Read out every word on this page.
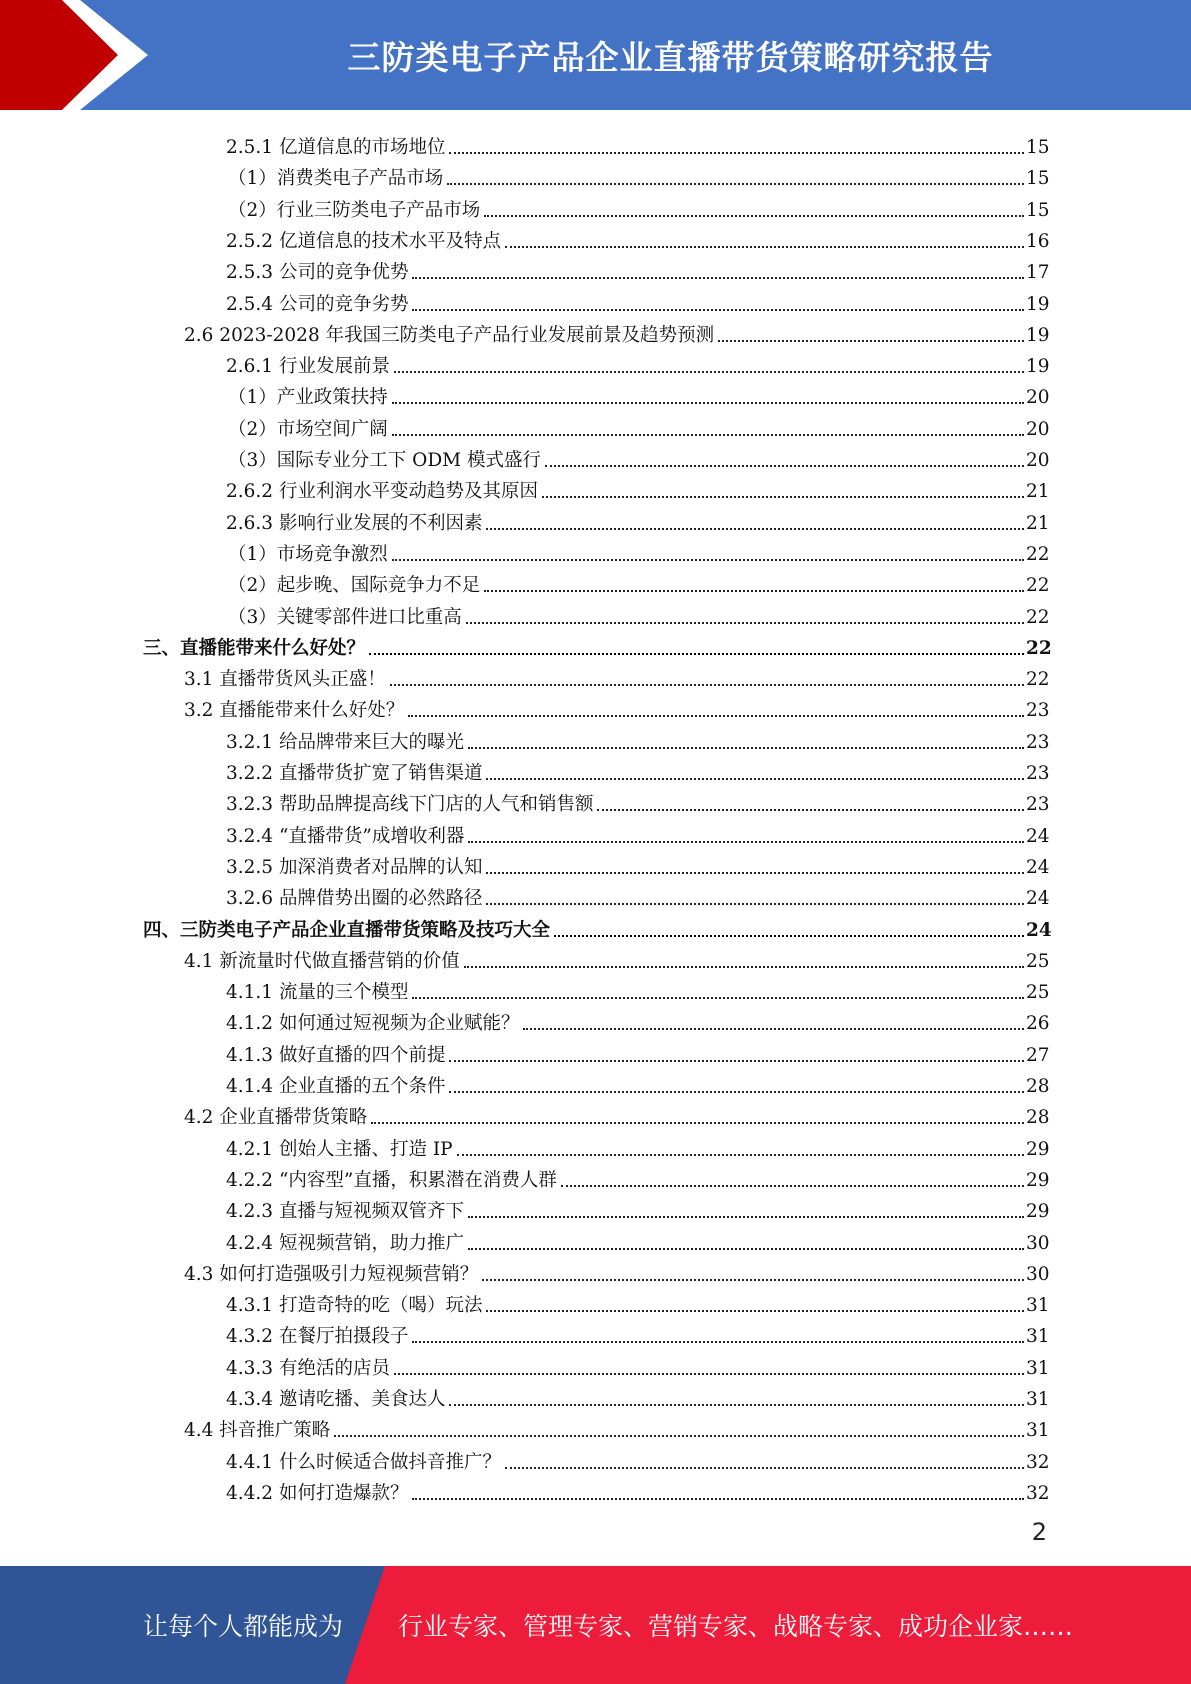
三防类电子产品企业直播带货策略研究报告
2.5.1 亿道信息的市场地位	15
（1）消费类电子产品市场	15
（2）行业三防类电子产品市场	15
2.5.2 亿道信息的技术水平及特点	16
2.5.3 公司的竞争优势	17
2.5.4 公司的竞争劣势	19
2.6 2023-2028 年我国三防类电子产品行业发展前景及趋势预测	19
2.6.1 行业发展前景	19
（1）产业政策扶持	20
（2）市场空间广阔	20
（3）国际专业分工下 ODM 模式盛行	20
2.6.2 行业利润水平变动趋势及其原因	21
2.6.3 影响行业发展的不利因素	21
（1）市场竞争激烈	22
（2）起步晚、国际竞争力不足	22
（3）关键零部件进口比重高	22
三、直播能带来什么好处？	22
3.1 直播带货风头正盛！	22
3.2 直播能带来什么好处？	23
3.2.1 给品牌带来巨大的曝光	23
3.2.2 直播带货扩宽了销售渠道	23
3.2.3 帮助品牌提高线下门店的人气和销售额	23
3.2.4 “直播带货”成增收利器	24
3.2.5 加深消费者对品牌的认知	24
3.2.6 品牌借势出圈的必然路径	24
四、三防类电子产品企业直播带货策略及技巧大全	24
4.1 新流量时代做直播营销的价值	25
4.1.1 流量的三个模型	25
4.1.2 如何通过短视频为企业赋能？	26
4.1.3 做好直播的四个前提	27
4.1.4 企业直播的五个条件	28
4.2 企业直播带货策略	28
4.2.1 创始人主播、打造 IP	29
4.2.2 “内容型”直播，积累潜在消费人群	29
4.2.3 直播与短视频双管齐下	29
4.2.4 短视频营销，助力推广	30
4.3 如何打造强吸引力短视频营销？	30
4.3.1 打造奇特的吃（喝）玩法	31
4.3.2 在餐厅拍摄段子	31
4.3.3 有绝活的店员	31
4.3.4 邀请吃播、美食达人	31
4.4 抖音推广策略	31
4.4.1 什么时候适合做抖音推广？	32
4.4.2 如何打造爆款？	32
2
让每个人都能成为 行业专家、管理专家、营销专家、战略专家、成功企业家……
